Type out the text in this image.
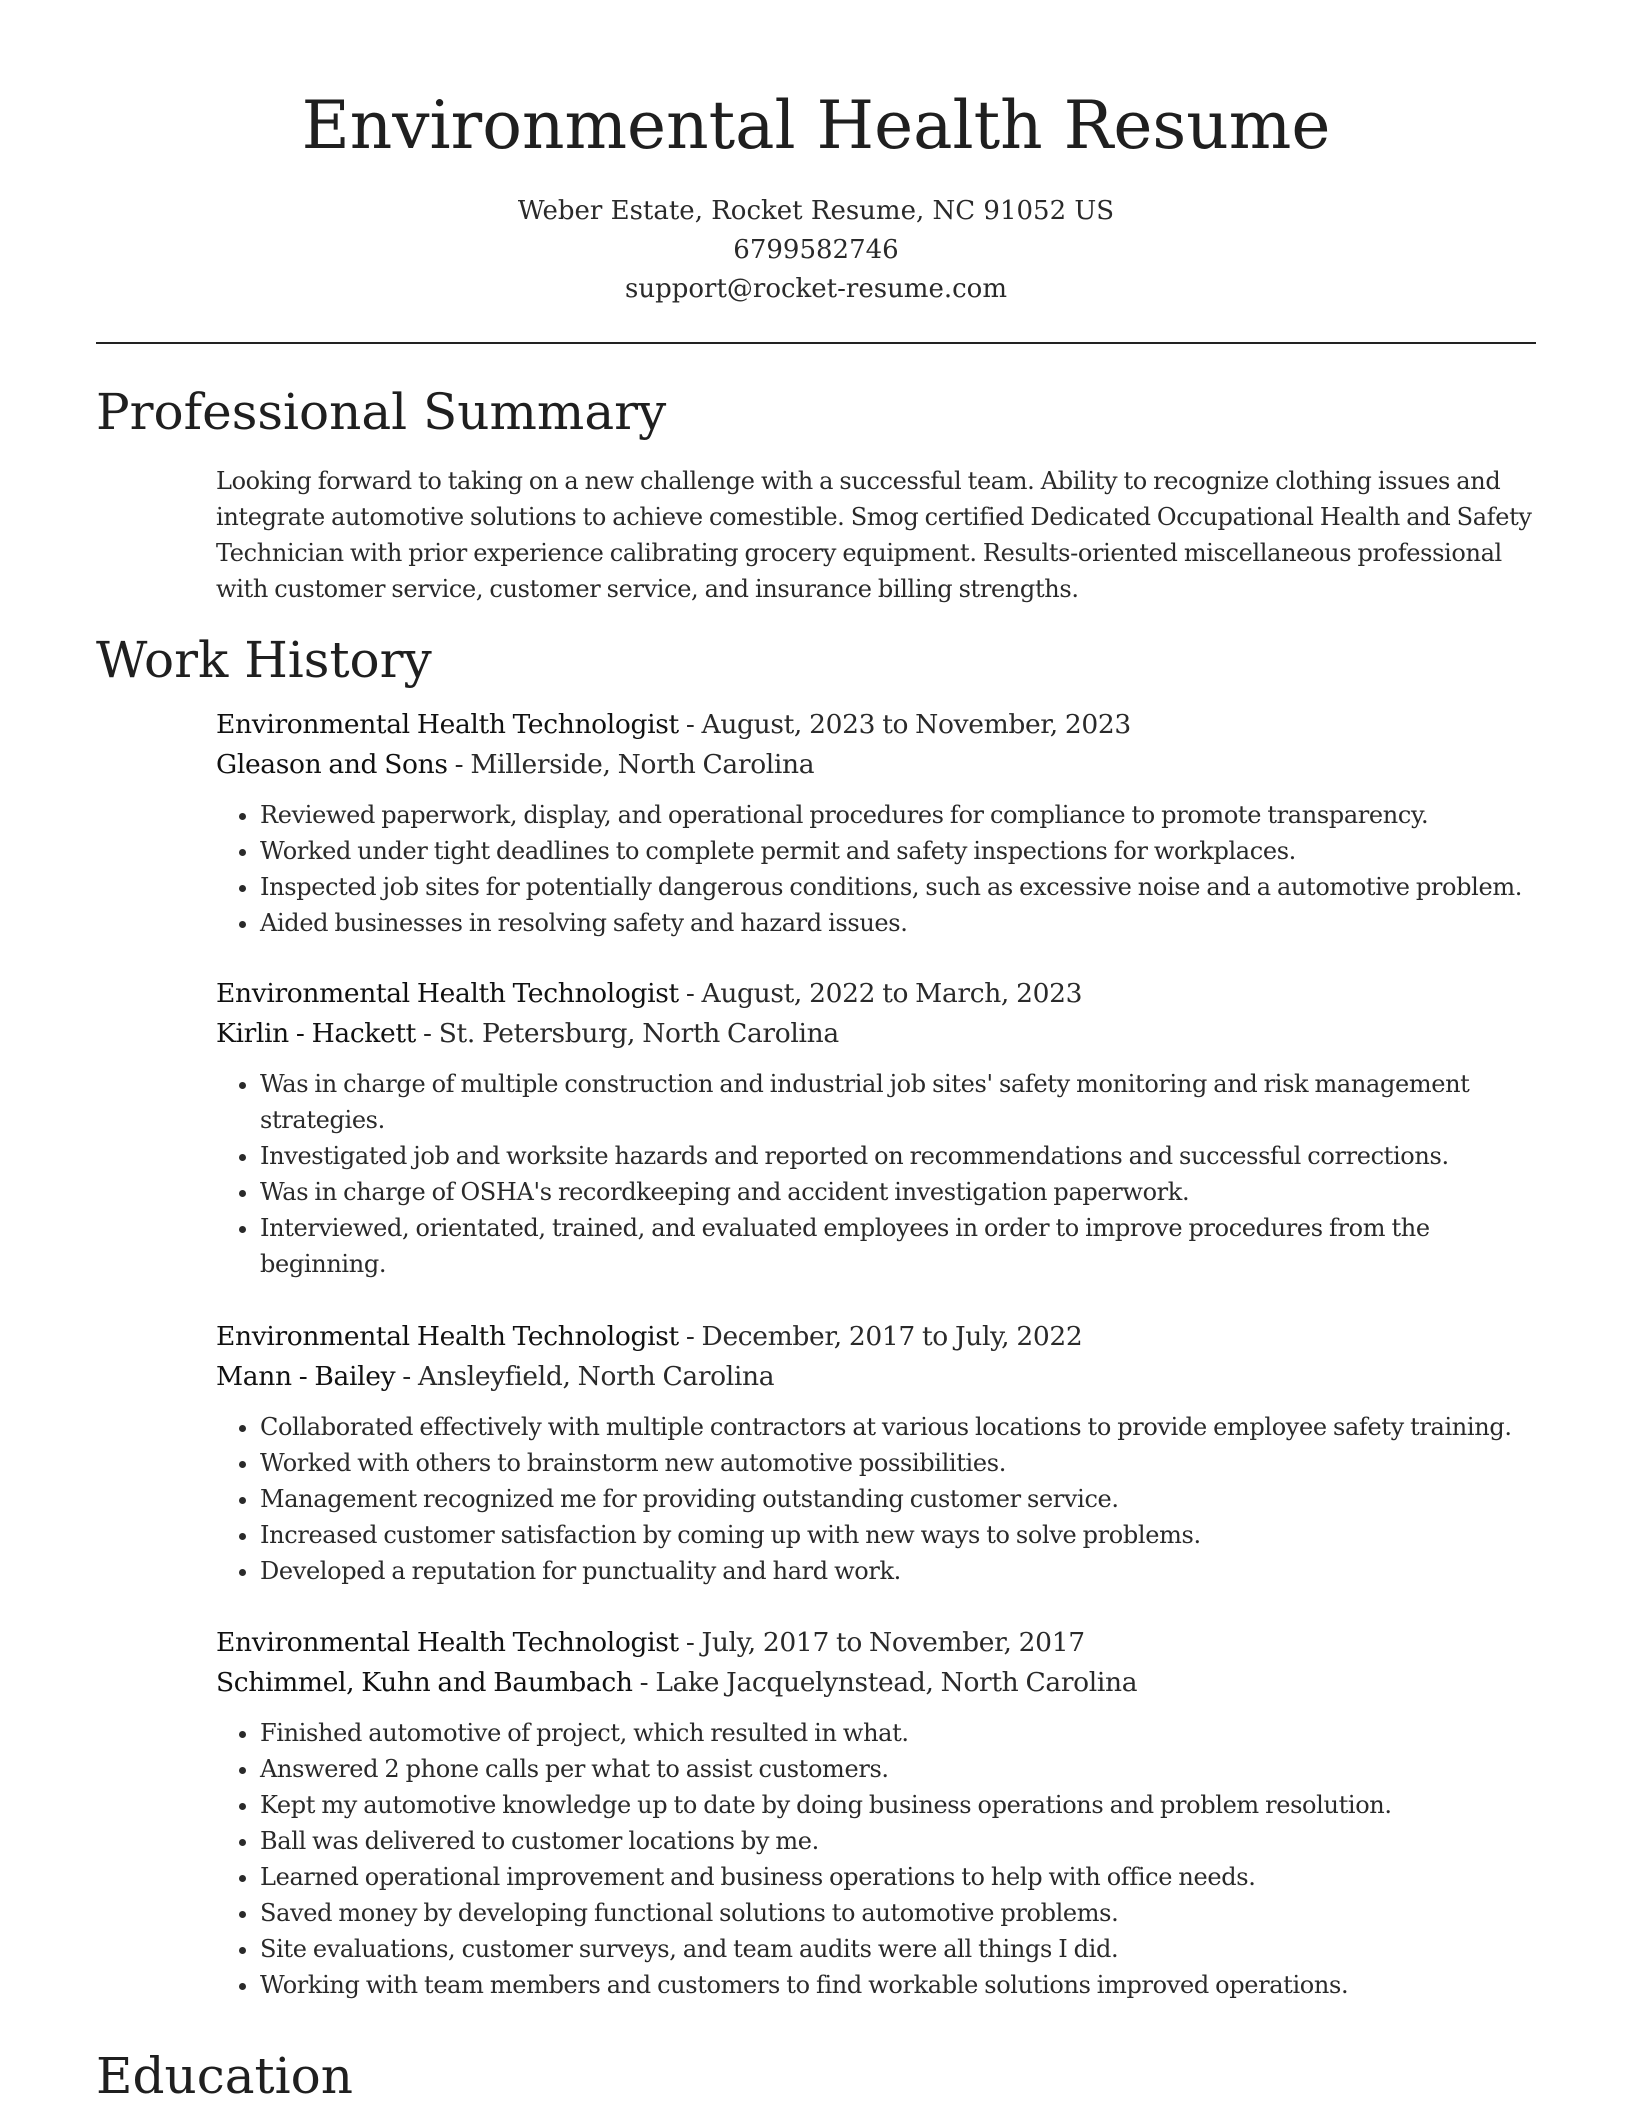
Environmental Health Resume
Weber Estate, Rocket Resume, NC 91052 US
6799582746
support@rocket-resume.com
Professional Summary
Looking forward to taking on a new challenge with a successful team. Ability to recognize clothing issues and integrate automotive solutions to achieve comestible. Smog certified Dedicated Occupational Health and Safety Technician with prior experience calibrating grocery equipment. Results-oriented miscellaneous professional with customer service, customer service, and insurance billing strengths.
Work History
Environmental Health Technologist - August, 2023 to November, 2023
Gleason and Sons - Millerside, North Carolina
• Reviewed paperwork, display, and operational procedures for compliance to promote transparency.
• Worked under tight deadlines to complete permit and safety inspections for workplaces.
• Inspected job sites for potentially dangerous conditions, such as excessive noise and a automotive problem.
• Aided businesses in resolving safety and hazard issues.
Environmental Health Technologist - August, 2022 to March, 2023
Kirlin - Hackett - St. Petersburg, North Carolina
• Was in charge of multiple construction and industrial job sites' safety monitoring and risk management strategies.
• Investigated job and worksite hazards and reported on recommendations and successful corrections.
• Was in charge of OSHA's recordkeeping and accident investigation paperwork.
• Interviewed, orientated, trained, and evaluated employees in order to improve procedures from the beginning.
Environmental Health Technologist - December, 2017 to July, 2022
Mann - Bailey - Ansleyfield, North Carolina
• Collaborated effectively with multiple contractors at various locations to provide employee safety training.
• Worked with others to brainstorm new automotive possibilities.
• Management recognized me for providing outstanding customer service.
• Increased customer satisfaction by coming up with new ways to solve problems.
• Developed a reputation for punctuality and hard work.
Environmental Health Technologist - July, 2017 to November, 2017
Schimmel, Kuhn and Baumbach - Lake Jacquelynstead, North Carolina
• Finished automotive of project, which resulted in what.
• Answered 2 phone calls per what to assist customers.
• Kept my automotive knowledge up to date by doing business operations and problem resolution.
• Ball was delivered to customer locations by me.
• Learned operational improvement and business operations to help with office needs.
• Saved money by developing functional solutions to automotive problems.
• Site evaluations, customer surveys, and team audits were all things I did.
• Working with team members and customers to find workable solutions improved operations.
Education
